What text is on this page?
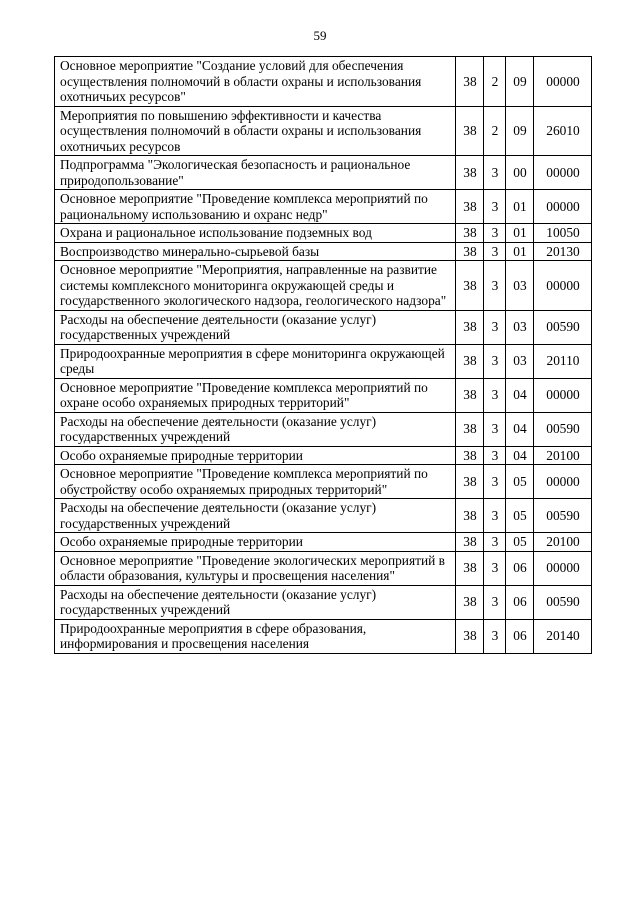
59
Основное мероприятие "Создание условий для обеспечения осуществления полномочий в области охраны и использования охотничьих ресурсов"	38	2	09	00000
Мероприятия по повышению эффективности и качества осуществления полномочий в области охраны и использования охотничьих ресурсов	38	2	09	26010
Подпрограмма "Экологическая безопасность и рациональное природопользование"	38	3	00	00000
Основное мероприятие "Проведение комплекса мероприятий по рациональному использованию и охранс недр"	38	3	01	00000
Охрана и рациональное использование подземных вод	38	3	01	10050
Воспроизводство минерально-сырьевой базы	38	3	01	20130
Основное мероприятие "Мероприятия, направленные на развитие системы комплексного мониторинга окружающей среды и государственного экологического надзора, геологического надзора"	38	3	03	00000
Расходы на обеспечение деятельности (оказание услуг) государственных учреждений	38	3	03	00590
Природоохранные мероприятия в сфере мониторинга окружающей среды	38	3	03	20110
Основное мероприятие "Проведение комплекса мероприятий по охране особо охраняемых природных территорий"	38	3	04	00000
Расходы на обеспечение деятельности (оказание услуг) государственных учреждений	38	3	04	00590
Особо охраняемые природные территории	38	3	04	20100
Основное мероприятие "Проведение комплекса мероприятий по обустройству особо охраняемых природных территорий"	38	3	05	00000
Расходы на обеспечение деятельности (оказание услуг) государственных учреждений	38	3	05	00590
Особо охраняемые природные территории	38	3	05	20100
Основное мероприятие "Проведение экологических мероприятий в области образования, культуры и просвещения населения"	38	3	06	00000
Расходы на обеспечение деятельности (оказание услуг) государственных учреждений	38	3	06	00590
Природоохранные мероприятия в сфере образования, информирования и просвещения населения	38	3	06	20140
